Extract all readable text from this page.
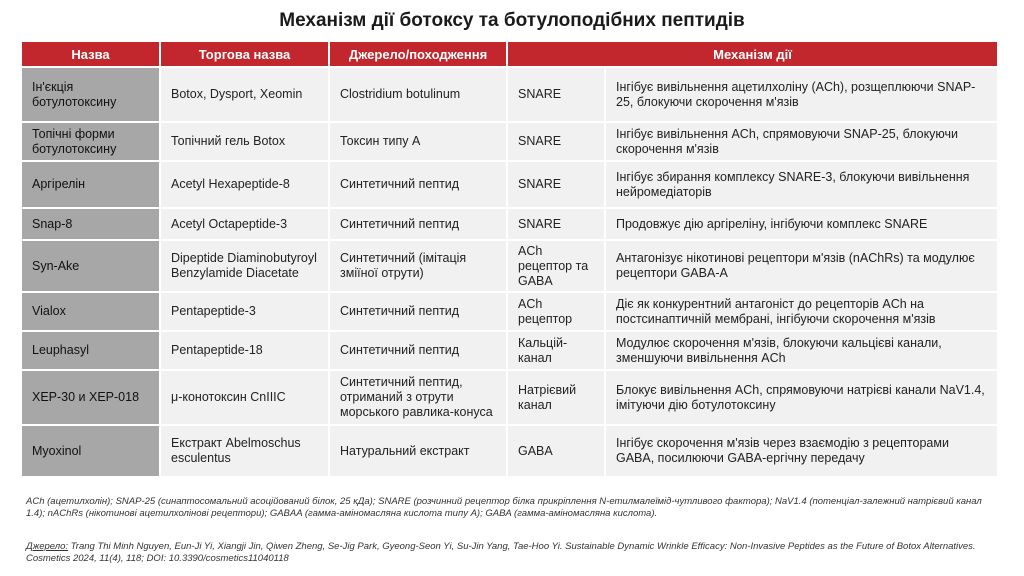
Механізм дії ботоксу та ботулоподібних пептидів
Назва	Торгова назва	Джерело/походження	Механізм дії	
Ін'єкція ботулотоксину	Botox, Dysport, Xeomin	Clostridium botulinum	SNARE	Інгібує вивільнення ацетилхоліну (ACh), розщеплюючи SNAP-25, блокуючи скорочення м'язів
Топічні форми ботулотоксину	Топічний гель Botox	Токсин типу А	SNARE	Інгібує вивільнення ACh, спрямовуючи SNAP-25, блокуючи скорочення м'язів
Аргірелін	Acetyl Hexapeptide-8	Синтетичний пептид	SNARE	Інгібує збирання комплексу SNARE-3, блокуючи вивільнення нейромедіаторів
Snap-8	Acetyl Octapeptide-3	Синтетичний пептид	SNARE	Продовжує дію аргіреліну, інгібуючи комплекс SNARE
Syn-Ake	Dipeptide Diaminobutyroyl Benzylamide Diacetate	Синтетичний (імітація зміїної отрути)	ACh рецептор та GABA	Антагонізує нікотинові рецептори м'язів (nAChRs) та модулює рецептори GABA-A
Vialox	Pentapeptide-3	Синтетичний пептид	ACh рецептор	Діє як конкурентний антагоніст до рецепторів ACh на постсинаптичній мембрані, інгібуючи скорочення м'язів
Leuphasyl	Pentapeptide-18	Синтетичний пептид	Кальцій-канал	Модулює скорочення м'язів, блокуючи кальцієві канали, зменшуючи вивільнення ACh
XEP-30 и XEP-018	μ-конотоксин CnIIIC	Синтетичний пептид, отриманий з отрути морського равлика-конуса	Натрієвий канал	Блокує вивільнення ACh, спрямовуючи натрієві канали NaV1.4, імітуючи дію ботулотоксину
Myoxinol	Екстракт Abelmoschus esculentus	Натуральний екстракт	GABA	Інгібує скорочення м'язів через взаємодію з рецепторами GABA, посилюючи GABA-ергічну передачу
ACh (ацетилхолін); SNAP-25 (синаптосомальний асоційований білок, 25 кДа); SNARE (розчинний рецептор білка прикріплення N-етилмалеїмід-чутливого фактора); NaV1.4 (потенціал-залежний натрієвий канал 1.4); nAChRs (нікотинові ацетилхолінові рецептори); GABAA (гамма-аміномасляна кислота типу А); GABA (гамма-аміномасляна кислота).
Джерело: Trang Thi Minh Nguyen, Eun-Ji Yi, Xiangji Jin, Qiwen Zheng, Se-Jig Park, Gyeong-Seon Yi, Su-Jin Yang, Tae-Hoo Yi. Sustainable Dynamic Wrinkle Efficacy: Non-Invasive Peptides as the Future of Botox Alternatives. Cosmetics 2024, 11(4), 118; DOI: 10.3390/cosmetics11040118
